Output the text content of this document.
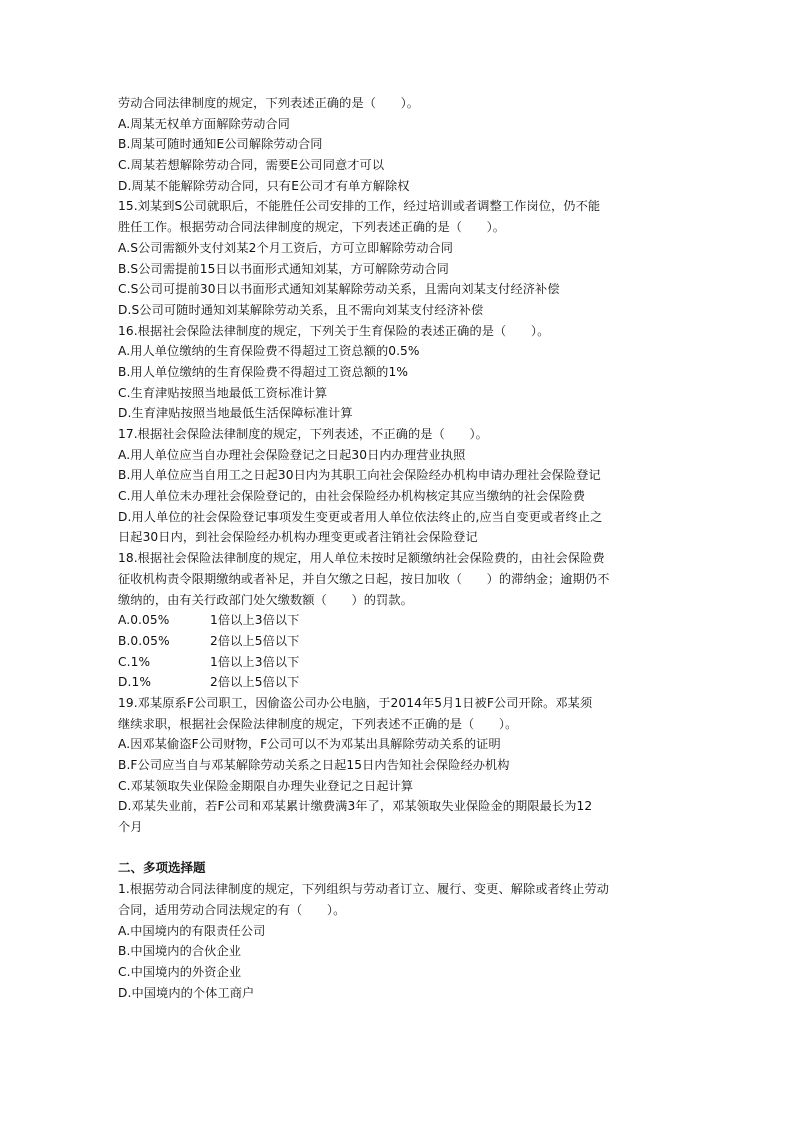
劳动合同法律制度的规定，下列表述正确的是（　　）。
A.周某无权单方面解除劳动合同
B.周某可随时通知E公司解除劳动合同
C.周某若想解除劳动合同，需要E公司同意才可以
D.周某不能解除劳动合同，只有E公司才有单方解除权
15.刘某到S公司就职后，不能胜任公司安排的工作，经过培训或者调整工作岗位，仍不能
胜任工作。根据劳动合同法律制度的规定，下列表述正确的是（　　）。
A.S公司需额外支付刘某2个月工资后，方可立即解除劳动合同
B.S公司需提前15日以书面形式通知刘某，方可解除劳动合同
C.S公司可提前30日以书面形式通知刘某解除劳动关系，且需向刘某支付经济补偿
D.S公司可随时通知刘某解除劳动关系，且不需向刘某支付经济补偿
16.根据社会保险法律制度的规定，下列关于生育保险的表述正确的是（　　）。
A.用人单位缴纳的生育保险费不得超过工资总额的0.5%
B.用人单位缴纳的生育保险费不得超过工资总额的1%
C.生育津贴按照当地最低工资标准计算
D.生育津贴按照当地最低生活保障标准计算
17.根据社会保险法律制度的规定，下列表述，不正确的是（　　）。
A.用人单位应当自办理社会保险登记之日起30日内办理营业执照
B.用人单位应当自用工之日起30日内为其职工向社会保险经办机构申请办理社会保险登记
C.用人单位未办理社会保险登记的，由社会保险经办机构核定其应当缴纳的社会保险费
D.用人单位的社会保险登记事项发生变更或者用人单位依法终止的,应当自变更或者终止之
日起30日内，到社会保险经办机构办理变更或者注销社会保险登记
18.根据社会保险法律制度的规定，用人单位未按时足额缴纳社会保险费的，由社会保险费
征收机构责令限期缴纳或者补足，并自欠缴之日起，按日加收（　　）的滞纳金；逾期仍不
缴纳的，由有关行政部门处欠缴数额（　　）的罚款。
A.0.05%	1倍以上3倍以下
B.0.05%	2倍以上5倍以下
C.1%	1倍以上3倍以下
D.1%	2倍以上5倍以下
19.邓某原系F公司职工，因偷盗公司办公电脑，于2014年5月1日被F公司开除。邓某须
继续求职，根据社会保险法律制度的规定，下列表述不正确的是（　　）。
A.因邓某偷盗F公司财物，F公司可以不为邓某出具解除劳动关系的证明
B.F公司应当自与邓某解除劳动关系之日起15日内告知社会保险经办机构
C.邓某领取失业保险金期限自办理失业登记之日起计算
D.邓某失业前，若F公司和邓某累计缴费满3年了，邓某领取失业保险金的期限最长为12
个月
二、多项选择题
1.根据劳动合同法律制度的规定，下列组织与劳动者订立、履行、变更、解除或者终止劳动
合同，适用劳动合同法规定的有（　　）。
A.中国境内的有限责任公司
B.中国境内的合伙企业
C.中国境内的外资企业
D.中国境内的个体工商户
